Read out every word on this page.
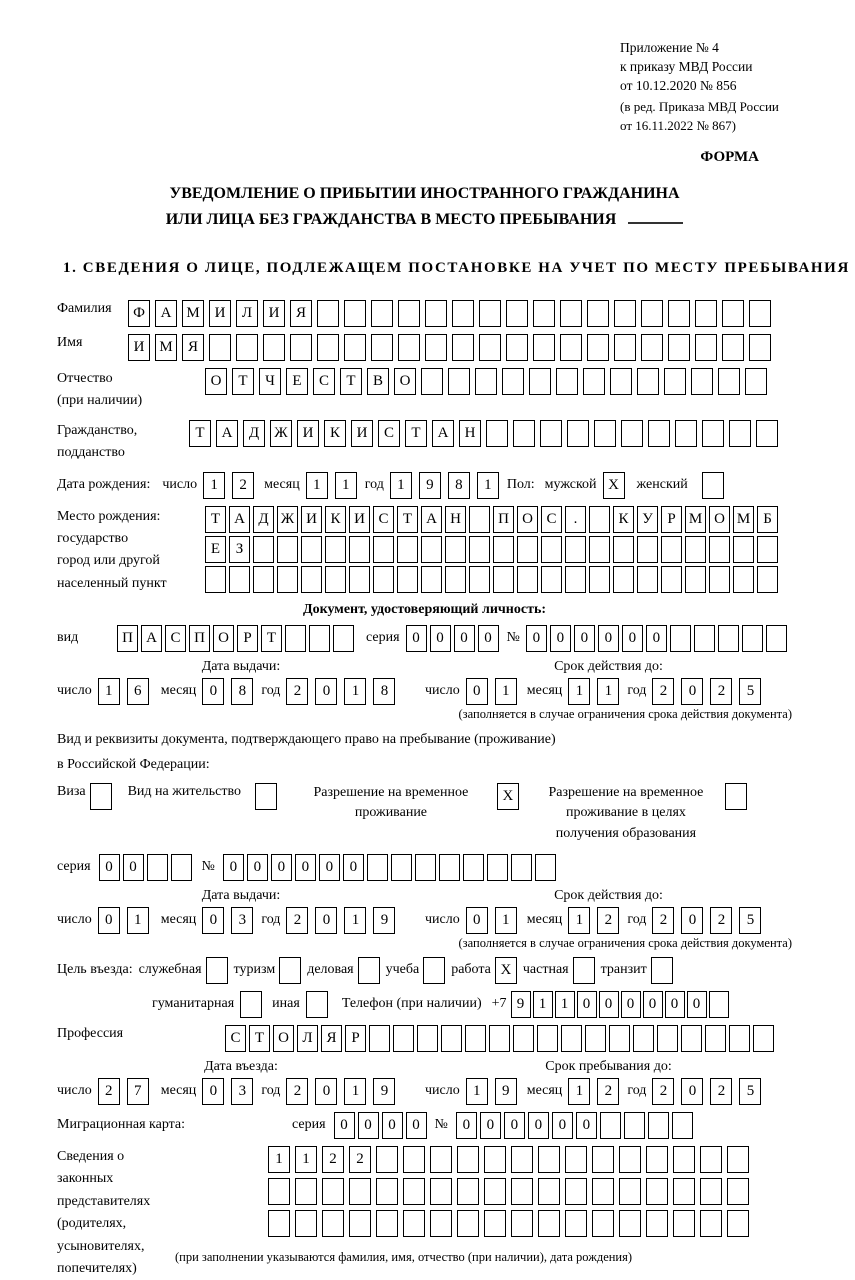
Приложение № 4
к приказу МВД России
от 10.12.2020 № 856
(в ред. Приказа МВД России
от 16.11.2022 № 867)
ФОРМА
УВЕДОМЛЕНИЕ О ПРИБЫТИИ ИНОСТРАННОГО ГРАЖДАНИНА
ИЛИ ЛИЦА БЕЗ ГРАЖДАНСТВА В МЕСТО ПРЕБЫВАНИЯ
1. СВЕДЕНИЯ О ЛИЦЕ, ПОДЛЕЖАЩЕМ ПОСТАНОВКЕ НА УЧЕТ ПО МЕСТУ ПРЕБЫВАНИЯ
Фамилия	Ф	А М И	Л	И	Я
Имя	И М	Я
Отчество
(при наличии)
О	Т	Ч	Е	С	Т	В	О
Гражданство,
подданство
Т	А	Д	Ж И	К	И	С	Т	А	Н
Дата рождения: число 1	2	месяц 1	1	год 1	9	8	1	Пол: мужской X	женский
Место рождения:
государство
город или другой
населенный пункт
Т А Д Ж И К И С Т А Н	П О С	.	К У Р М О М Б
Е	З
Документ, удостоверяющий личность:
вид	П А С П О Р	Т	серия 0	0	0	0	№ 0	0	0	0	0	0
Дата выдачи:	Срок действия до:
число 1	6	месяц 0	8	год 2	0	1	8	число 0	1	месяц 1	1	год 2	0	2	5
(заполняется в случае ограничения срока действия документа)
Вид и реквизиты документа, подтверждающего право на пребывание (проживание)
в Российской Федерации:
Виза	Вид на жительство	Разрешение на временное проживание
X	Разрешение на временное проживание в целях получения образования
серия 0	0	№ 0	0	0	0	0	0
Дата выдачи:	Срок действия до:
число 0	1	месяц 0	3	год 2	0	1	9	число 0	1	месяц 1	2	год 2	0	2	5
(заполняется в случае ограничения срока действия документа)
Цель въезда: служебная туризм деловая учеба работа X частная транзит
гуманитарная	иная	Телефон (при наличии) +7 9 1 1 0 0 0 0 0 0
Профессия	С Т О Л Я Р
Дата въезда:	Срок пребывания до:
число 2	7	месяц 0	3	год 2	0	1	9	число 1	9	месяц 1	2	год 2	0	2	5
Миграционная карта:	серия 0	0	0	0	№ 0	0	0	0	0	0
Сведения о
законных
представителях
(родителях,
усыновителях,
попечителях)
1	1	2	2
(при заполнении указываются фамилия, имя, отчество (при наличии), дата рождения)
